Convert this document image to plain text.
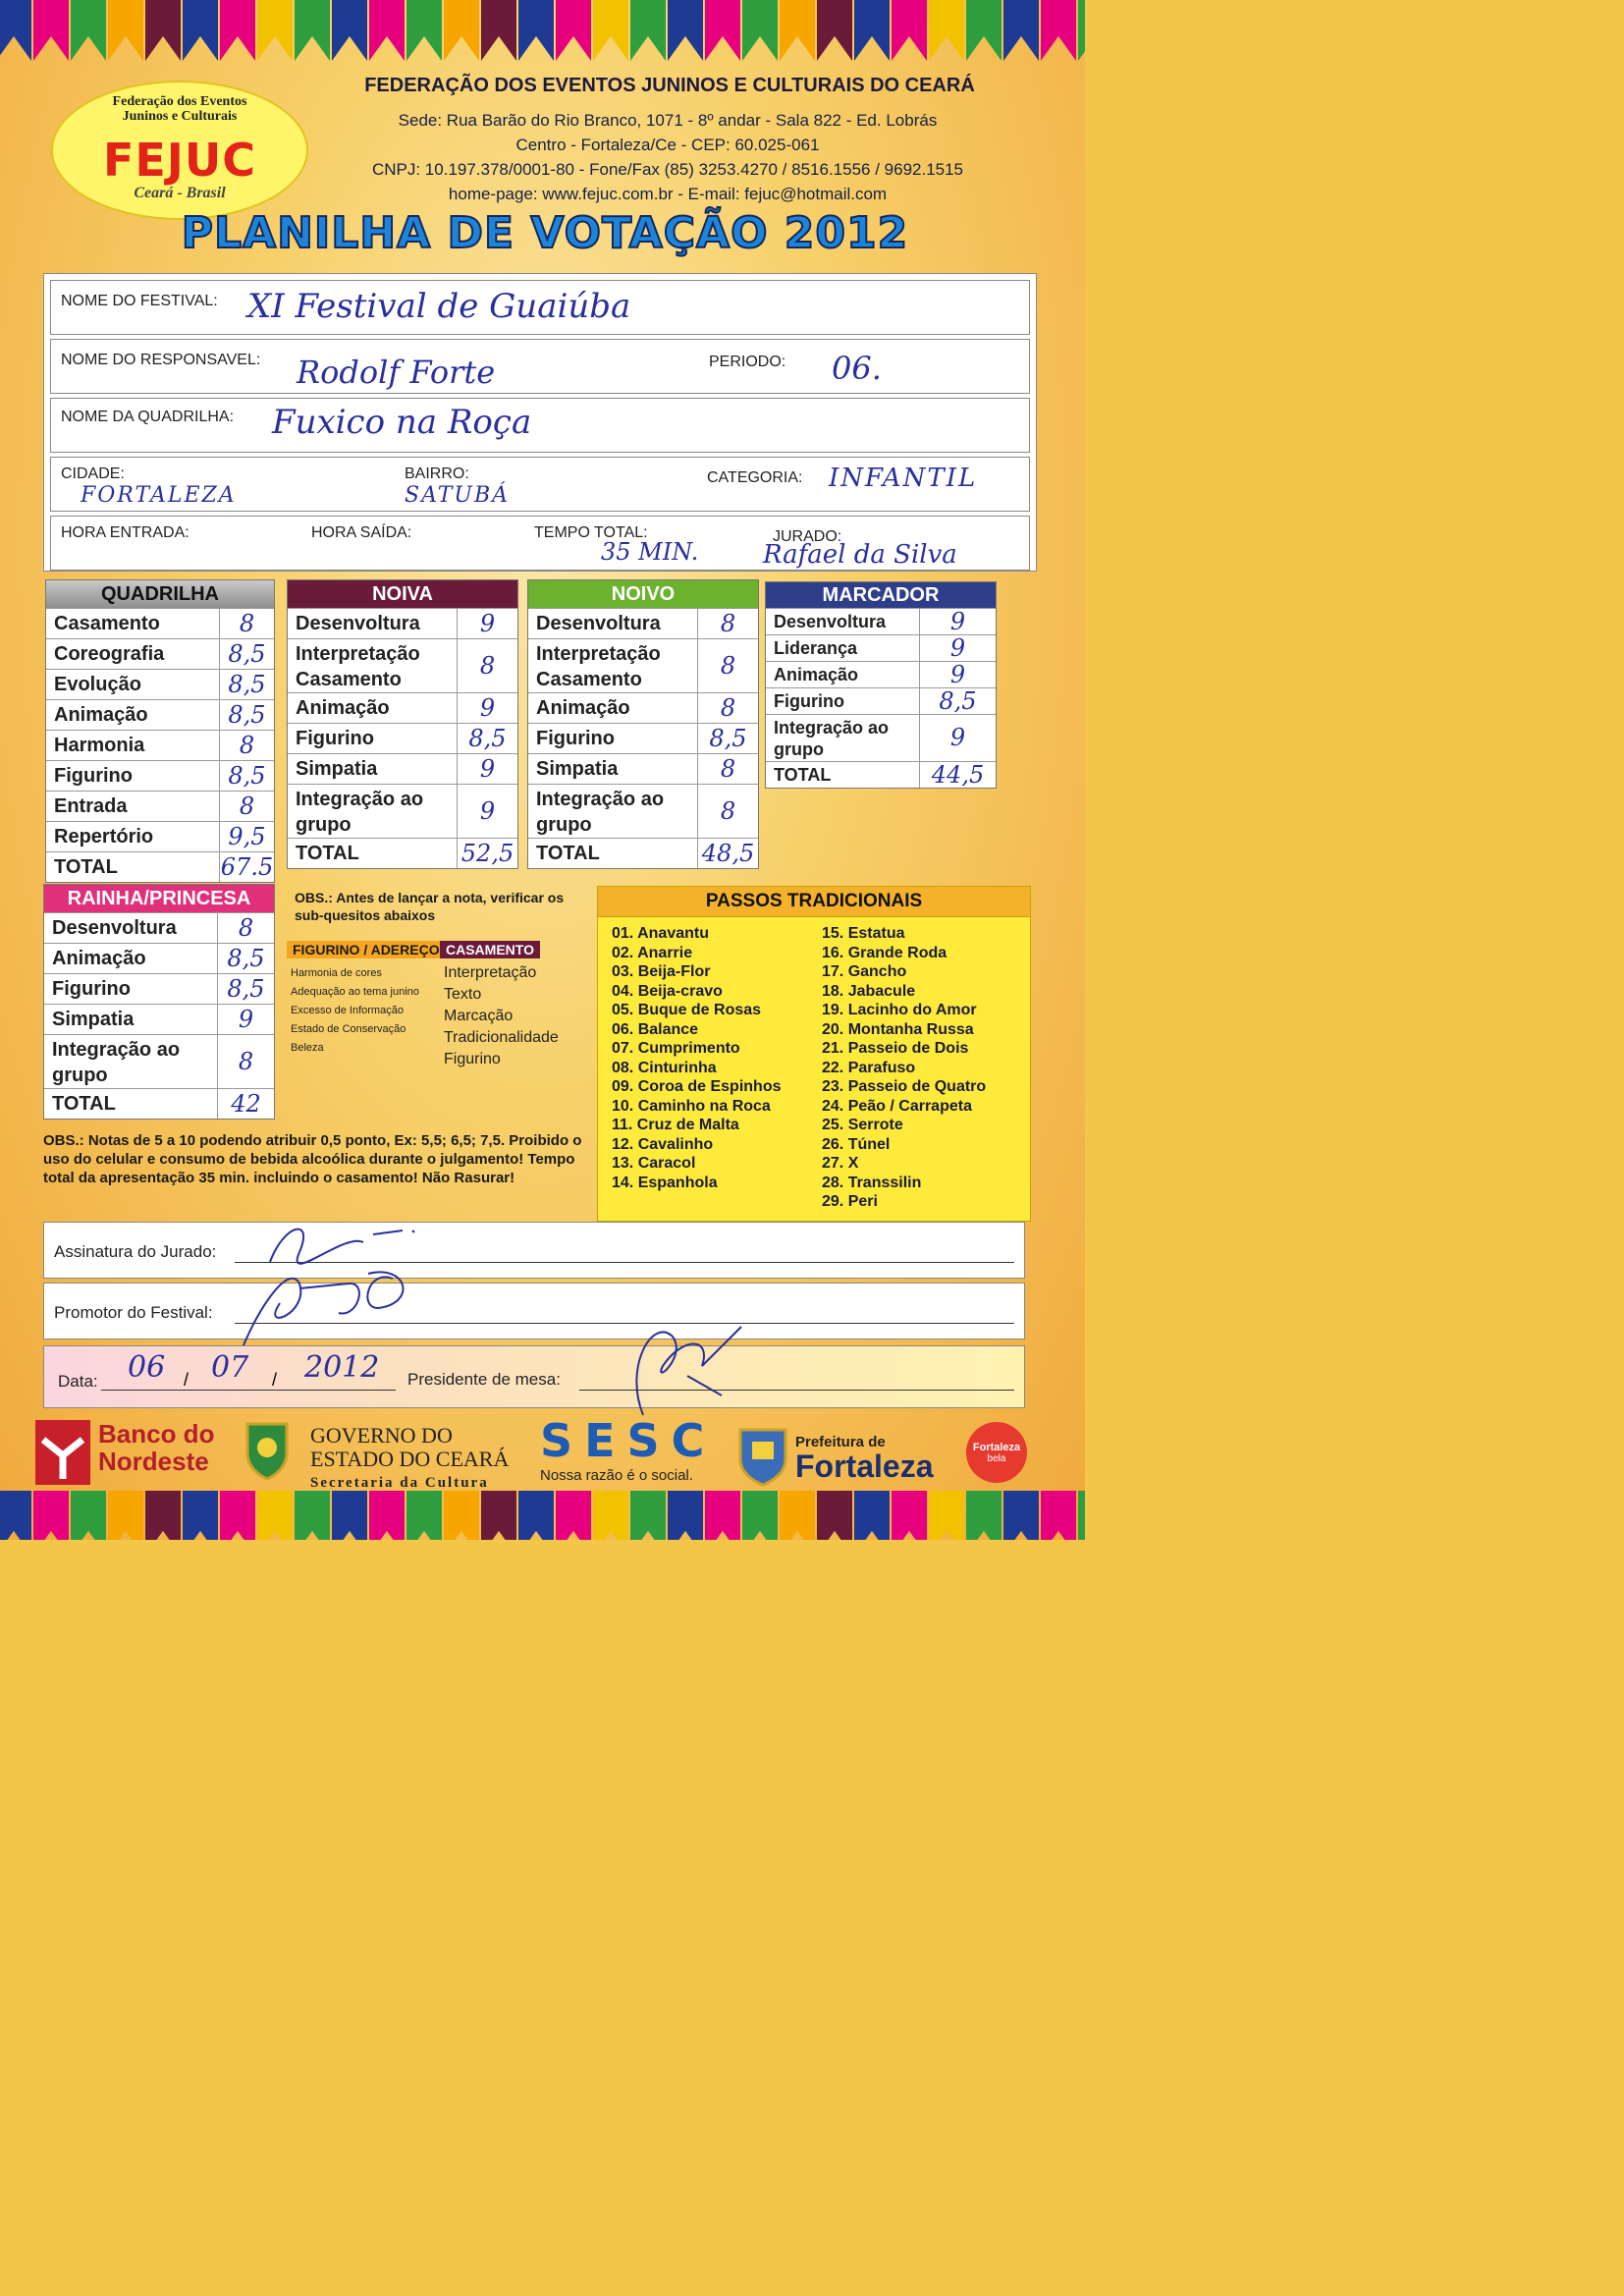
Federação dos Eventos
Juninos e Culturais
FEJUC
Ceará - Brasil
FEDERAÇÃO DOS EVENTOS JUNINOS E CULTURAIS DO CEARÁ
Sede: Rua Barão do Rio Branco, 1071 - 8º andar - Sala 822 - Ed. Lobrás
Centro - Fortaleza/Ce - CEP: 60.025-061
CNPJ: 10.197.378/0001-80 - Fone/Fax (85) 3253.4270 / 8516.1556 / 9692.1515
home-page: www.fejuc.com.br - E-mail: fejuc@hotmail.com
PLANILHA DE VOTAÇÃO 2012
NOME DO FESTIVAL: XI Festival de Guaiúba
NOME DO RESPONSAVEL: Rodolf Forte	PERIODO: 06.
NOME DA QUADRILHA: Fuxico na Roça
CIDADE:
FORTALEZA
BAIRRO:
SATUBÁ
CATEGORIA: INFANTIL
HORA ENTRADA:	HORA SAÍDA:	TEMPO TOTAL:
35 MIN.
JURADO:
Rafael da Silva
QUADRILHA
Casamento	8
Coreografia	8,5
Evolução	8,5
Animação	8,5
Harmonia	8
Figurino	8,5
Entrada	8
Repertório	9,5
TOTAL	67.5
NOIVA
Desenvoltura	9
Interpretação Casamento	8
Animação	9
Figurino	8,5
Simpatia	9
Integração ao grupo	9
TOTAL	52,5
NOIVO
Desenvoltura	8
Interpretação Casamento	8
Animação	8
Figurino	8,5
Simpatia	8
Integração ao grupo	8
TOTAL	48,5
MARCADOR
Desenvoltura	9
Liderança	9
Animação	9
Figurino	8,5
Integração ao grupo	9
TOTAL	44,5
RAINHA/PRINCESA
Desenvoltura	8
Animação	8,5
Figurino	8,5
Simpatia	9
Integração ao grupo	8
TOTAL	42
OBS.: Antes de lançar a nota, verificar os sub-quesitos abaixos
FIGURINO / ADEREÇO CASAMENTO
Harmonia de cores
Adequação ao tema junino
Excesso de Informação
Estado de Conservação
Beleza
Interpretação
Texto
Marcação
Tradicionalidade
Figurino
PASSOS TRADICIONAIS
01. Anavantu
02. Anarrie
03. Beija-Flor
04. Beija-cravo
05. Buque de Rosas
06. Balance
07. Cumprimento
08. Cinturinha
09. Coroa de Espinhos
10. Caminho na Roca
11. Cruz de Malta
12. Cavalinho
13. Caracol
14. Espanhola
15. Estatua
16. Grande Roda
17. Gancho
18. Jabacule
19. Lacinho do Amor
20. Montanha Russa
21. Passeio de Dois
22. Parafuso
23. Passeio de Quatro
24. Peão / Carrapeta
25. Serrote
26. Túnel
27. X
28. Transsilin
29. Peri
OBS.: Notas de 5 a 10 podendo atribuir 0,5 ponto, Ex: 5,5; 6,5; 7,5. Proibido o uso do celular e consumo de bebida alcoólica durante o julgamento! Tempo total da apresentação 35 min. incluindo o casamento! Não Rasurar!
Assinatura do Jurado:
Promotor do Festival:
Data: 06 / 07 / 2012 Presidente de mesa:
Banco do
Nordeste
GOVERNO DO
ESTADO DO CEARÁ
Secretaria da Cultura
SESC
Nossa razão é o social.
Prefeitura de
Fortaleza
Fortaleza
bela
